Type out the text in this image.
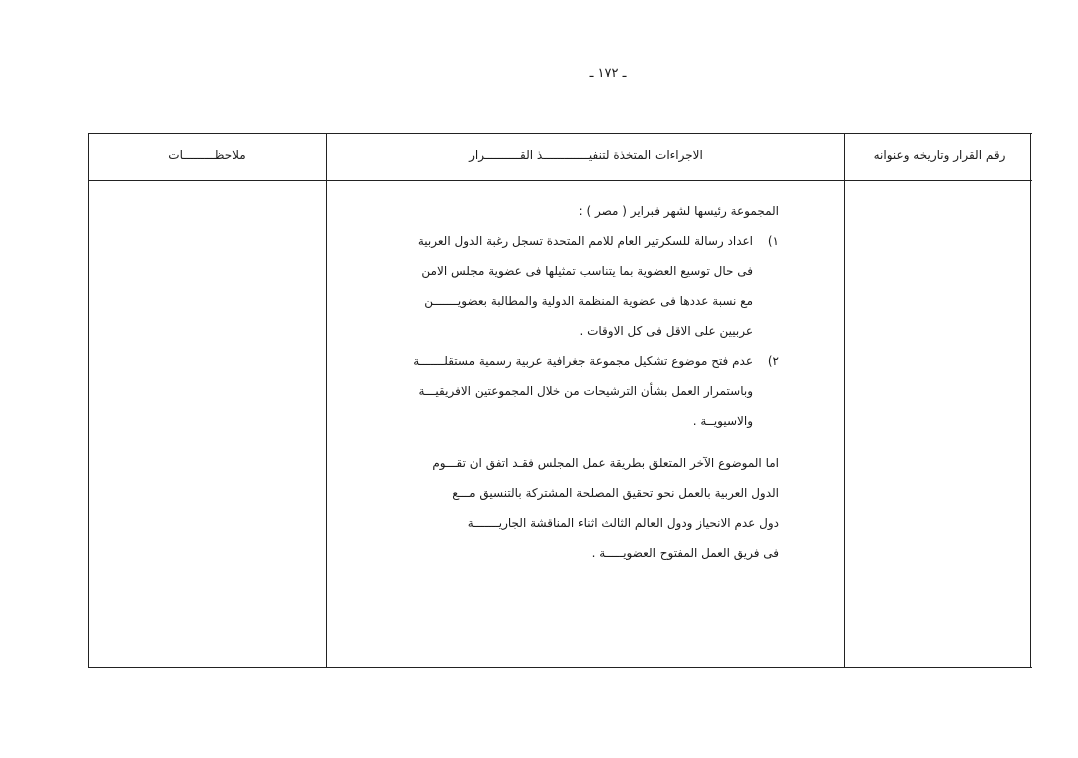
ـ ١٧٢ ـ
رقم القرار وتاريخه وعنوانه
الاجراءات المتخذة لتنفيـــــــــــــذ القــــــــــرار
ملاحظـــــــــات
المجموعة رئيسها لشهر فبراير ( مصر ) :
١)اعداد رسالة للسكرتير العام للامم المتحدة تسجل رغبة الدول العربية
فى حال توسيع العضوية بما يتناسب تمثيلها فى عضوية مجلس الامن
مع نسبة عددها فى عضوية المنظمة الدولية والمطالبة بعضويـــــــن
عربيين على الاقل فى كل الاوقات .
٢)عدم فتح موضوع تشكيل مجموعة جغرافية عربية رسمية مستقلـــــــة
وباستمرار العمل بشأن الترشيحات من خلال المجموعتين الافريقيـــة
والاسيويــة .
اما الموضوع الآخر المتعلق بطريقة عمل المجلس فقـد اتفق ان تقـــوم
الدول العربية بالعمل نحو تحقيق المصلحة المشتركة بالتنسيق مـــع
دول عدم الانحياز ودول العالم الثالث اثناء المناقشة الجاريـــــــة
فى فريق العمل المفتوح العضويـــــة .
